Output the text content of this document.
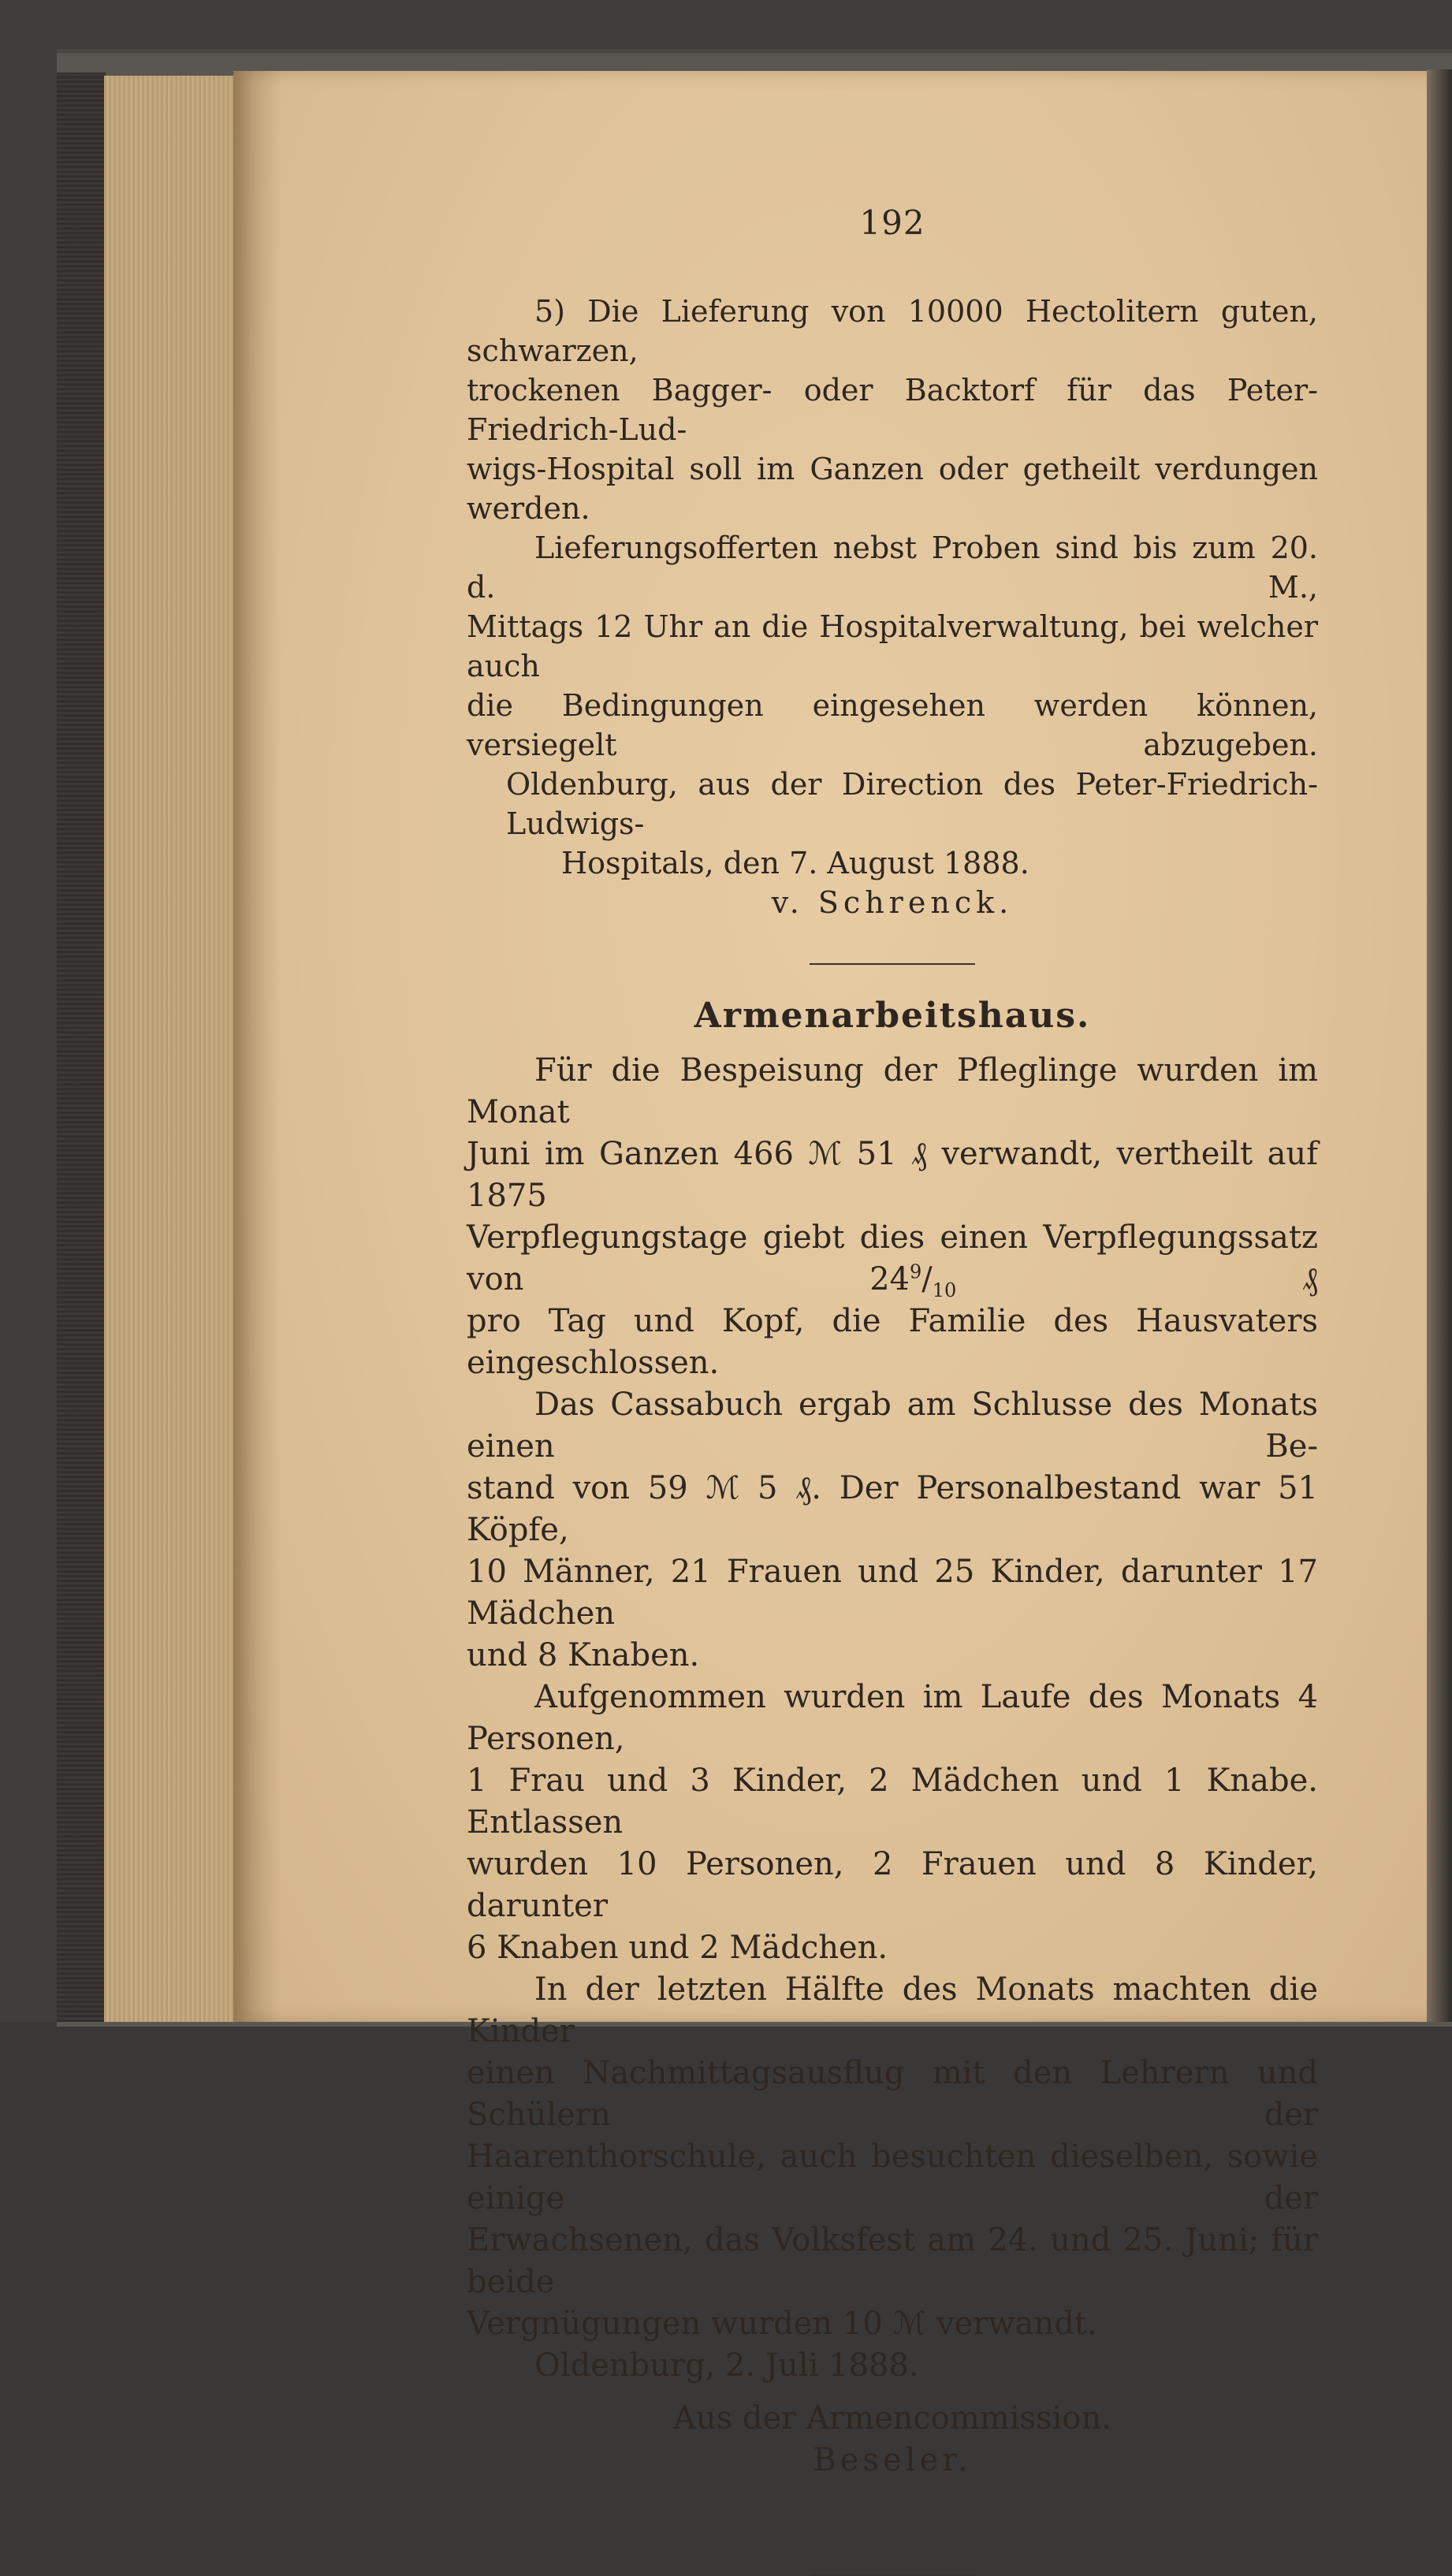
192

5) Die Lieferung von 10000 Hectolitern guten, schwarzen,

trockenen Bagger- oder Backtorf für das Peter-Friedrich-Lud-

wigs-Hospital soll im Ganzen oder getheilt verdungen werden.

Lieferungsofferten nebst Proben sind bis zum 20. d. M.,

Mittags 12 Uhr an die Hospitalverwaltung, bei welcher auch

die Bedingungen eingesehen werden können, versiegelt abzugeben.

Oldenburg, aus der Direction des Peter-Friedrich-Ludwigs-

Hospitals, den 7. August 1888.

v. Schrenck.

Armenarbeitshaus.

Für die Bespeisung der Pfleglinge wurden im Monat

Juni im Ganzen 466 ℳ 51 ₰ verwandt, vertheilt auf 1875

Verpflegungstage giebt dies einen Verpflegungssatz von $24^9/_{10}$ ₰

pro Tag und Kopf, die Familie des Hausvaters eingeschlossen.

Das Cassabuch ergab am Schlusse des Monats einen Be-

stand von 59 ℳ 5 ₰. Der Personalbestand war 51 Köpfe,

10 Männer, 21 Frauen und 25 Kinder, darunter 17 Mädchen

und 8 Knaben.

Aufgenommen wurden im Laufe des Monats 4 Personen,

1 Frau und 3 Kinder, 2 Mädchen und 1 Knabe. Entlassen

wurden 10 Personen, 2 Frauen und 8 Kinder, darunter

6 Knaben und 2 Mädchen.

In der letzten Hälfte des Monats machten die Kinder

einen Nachmittagsausflug mit den Lehrern und Schülern der

Haarenthorschule, auch besuchten dieselben, sowie einige der

Erwachsenen, das Volksfest am 24. und 25. Juni; für beide

Vergnügungen wurden 10 ℳ verwandt.

Oldenburg, 2. Juli 1888.

Aus der Armencommission.

Beseler.
